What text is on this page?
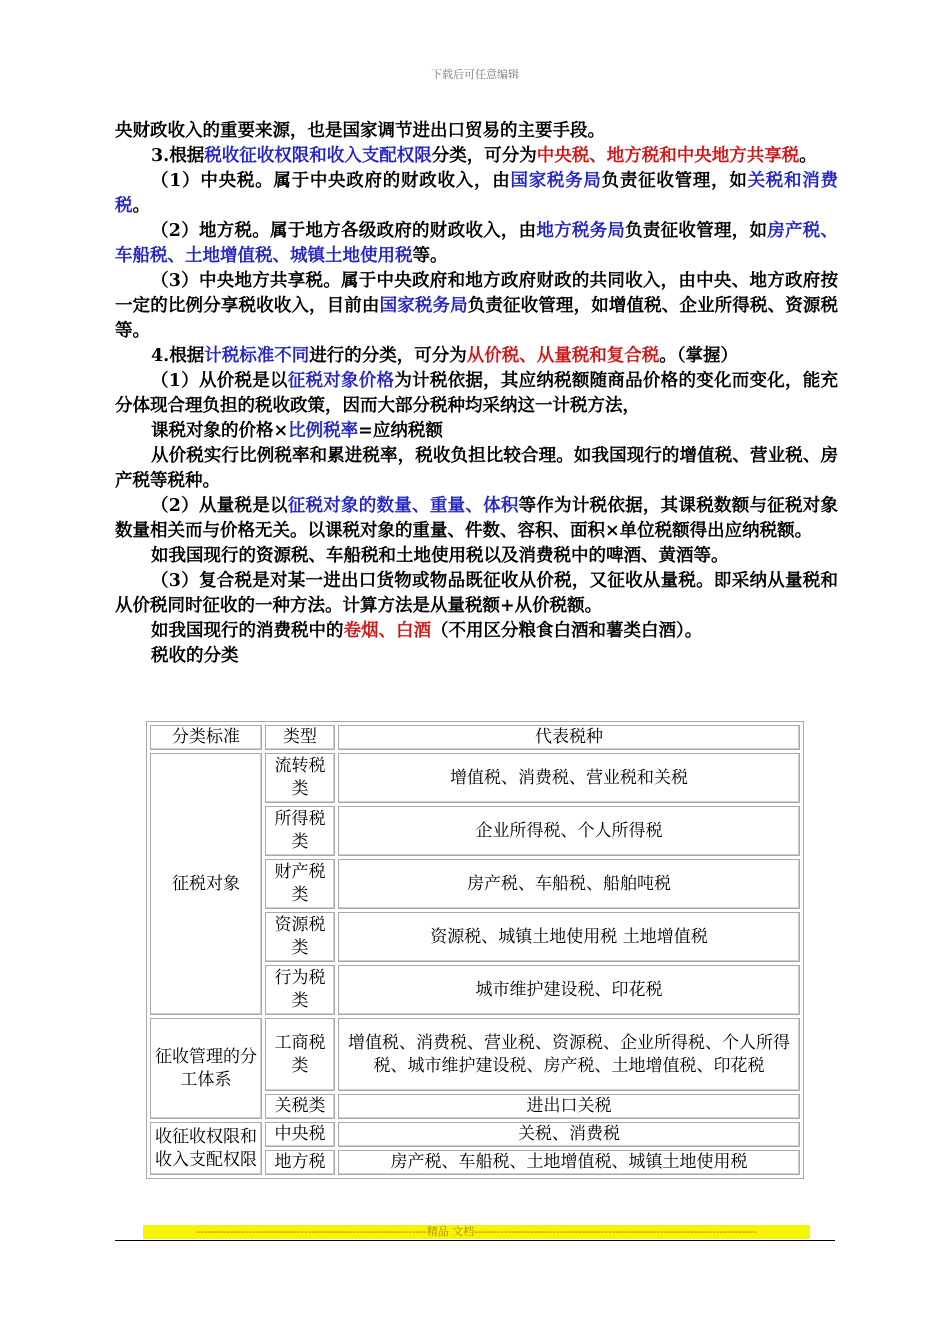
下载后可任意编辑

央财政收入的重要来源，也是国家调节进出口贸易的主要手段。

3.根据税收征收权限和收入支配权限分类，可分为中央税、地方税和中央地方共享税。

（1）中央税。属于中央政府的财政收入，由国家税务局负责征收管理，如关税和消费税。

（2）地方税。属于地方各级政府的财政收入，由地方税务局负责征收管理，如房产税、车船税、土地增值税、城镇土地使用税等。

（3）中央地方共享税。属于中央政府和地方政府财政的共同收入，由中央、地方政府按一定的比例分享税收收入，目前由国家税务局负责征收管理，如增值税、企业所得税、资源税等。

4.根据计税标准不同进行的分类，可分为从价税、从量税和复合税。（掌握）

（1）从价税是以征税对象价格为计税依据，其应纳税额随商品价格的变化而变化，能充分体现合理负担的税收政策，因而大部分税种均采纳这一计税方法，

课税对象的价格×比例税率=应纳税额

从价税实行比例税率和累进税率，税收负担比较合理。如我国现行的增值税、营业税、房产税等税种。

（2）从量税是以征税对象的数量、重量、体积等作为计税依据，其课税数额与征税对象数量相关而与价格无关。以课税对象的重量、件数、容积、面积×单位税额得出应纳税额。

如我国现行的资源税、车船税和土地使用税以及消费税中的啤酒、黄酒等。

（3）复合税是对某一进出口货物或物品既征收从价税，又征收从量税。即采纳从量税和从价税同时征收的一种方法。计算方法是从量税额+从价税额。

如我国现行的消费税中的卷烟、白酒（不用区分粮食白酒和薯类白酒）。

税收的分类

分类标准	类型	代表税种
征税对象	流转税类	增值税、消费税、营业税和关税
	所得税类	企业所得税、个人所得税
	财产税类	房产税、车船税、船舶吨税
	资源税类	资源税、城镇土地使用税 土地增值税
	行为税类	城市维护建设税、印花税
征收管理的分工体系	工商税类	增值税、消费税、营业税、资源税、企业所得税、个人所得税、城市维护建设税、房产税、土地增值税、印花税
	关税类	进出口关税
收征收权限和收入支配权限	中央税	关税、消费税
	地方税	房产税、车船税、土地增值税、城镇土地使用税
--------------------------------------------------------------精品 文档----------------------------------------------------------------------------
